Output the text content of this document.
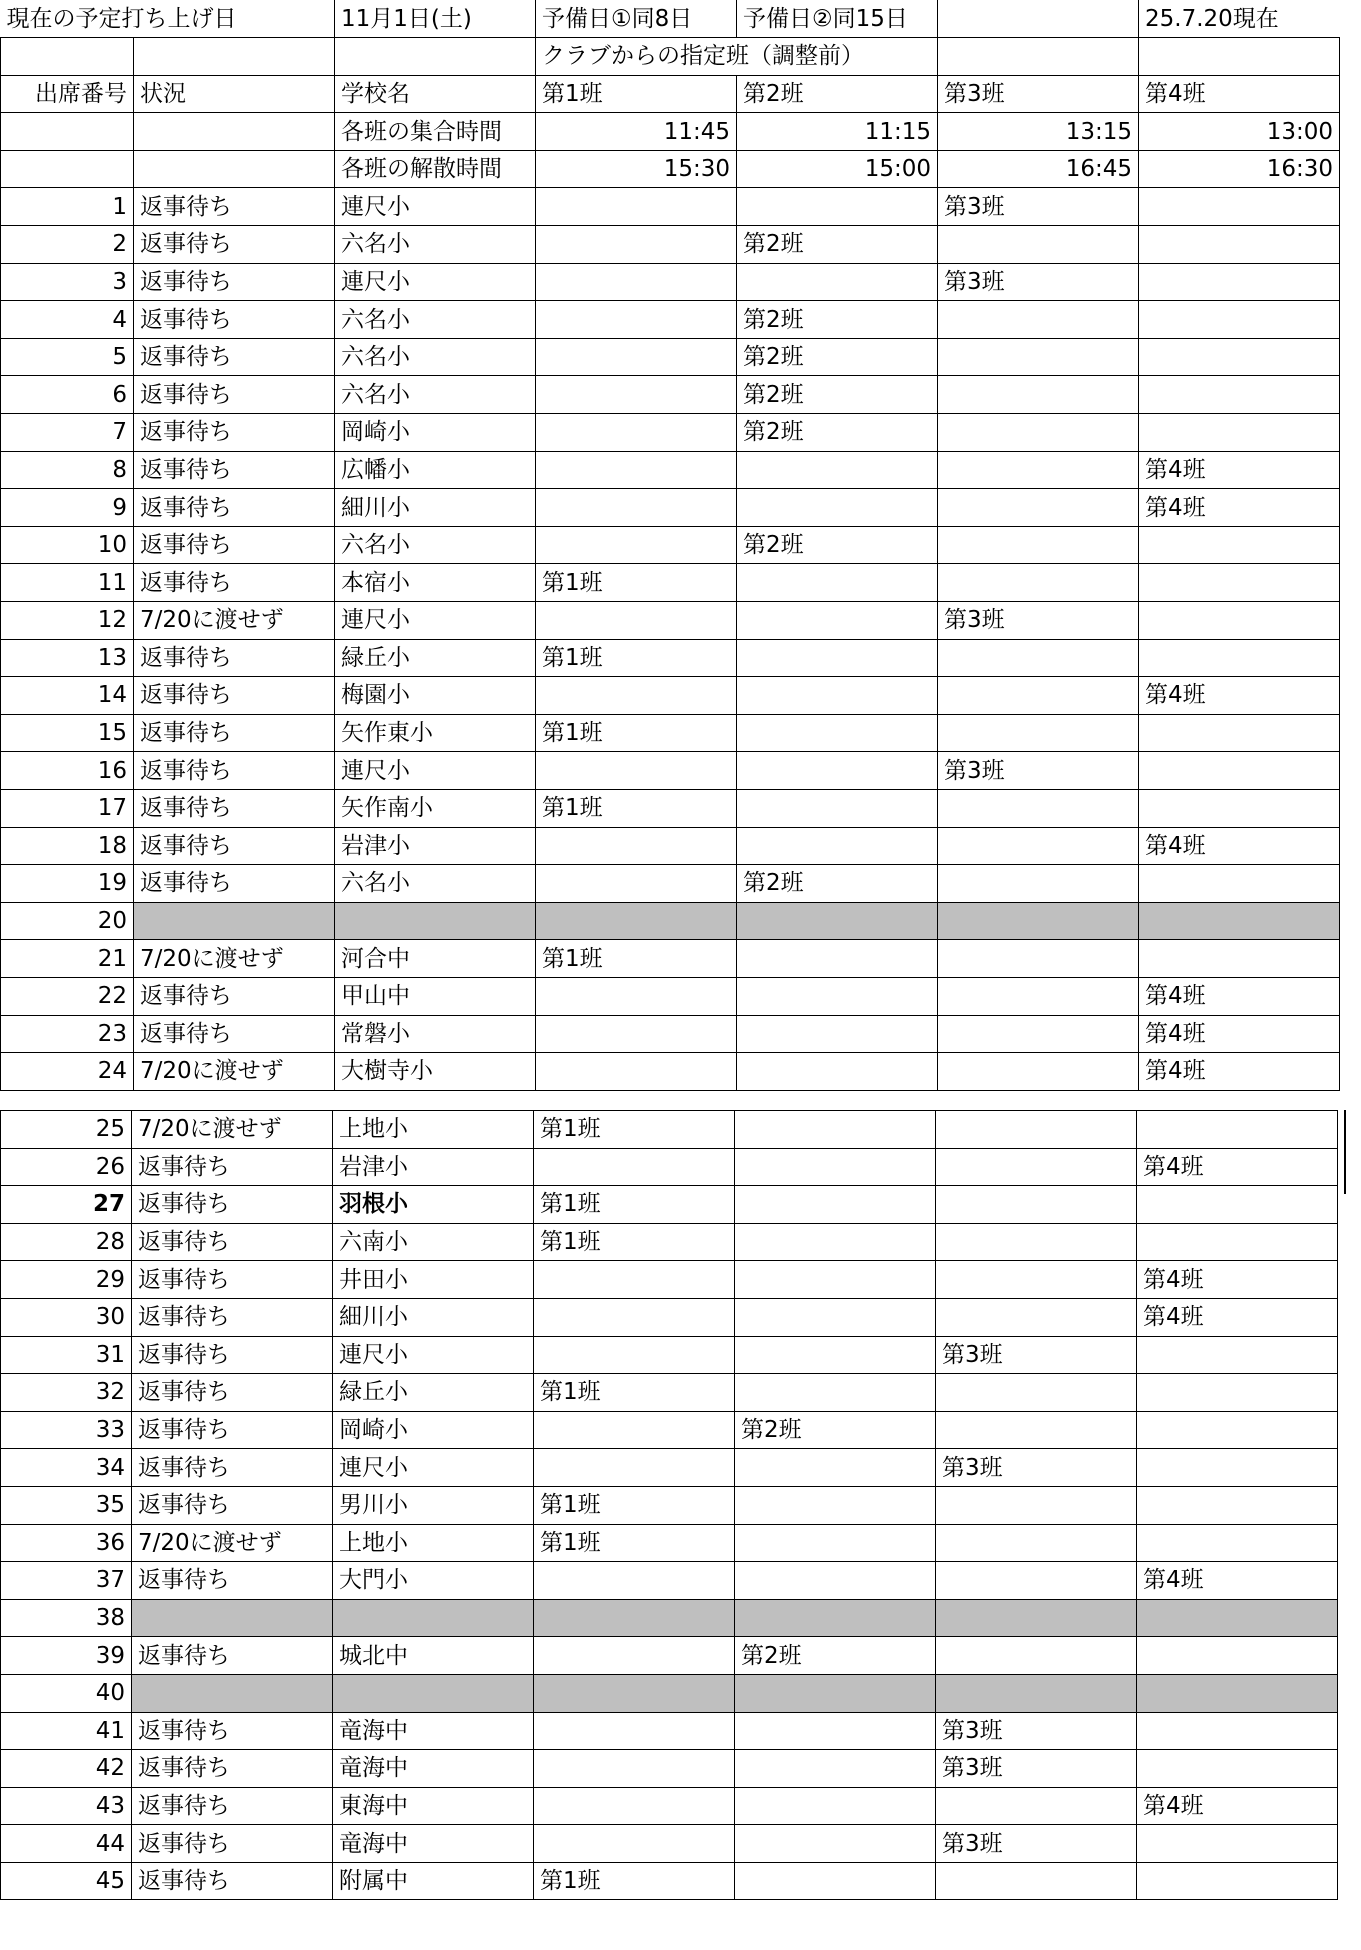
現在の予定打ち上げ日		11月1日(土)	予備日①同8日	予備日②同15日		25.7.20現在
			クラブからの指定班（調整前）			
出席番号	状況	学校名	第1班	第2班	第3班	第4班
		各班の集合時間	11:45	11:15	13:15	13:00
		各班の解散時間	15:30	15:00	16:45	16:30
1	返事待ち	連尺小			第3班	
2	返事待ち	六名小		第2班		
3	返事待ち	連尺小			第3班	
4	返事待ち	六名小		第2班		
5	返事待ち	六名小		第2班		
6	返事待ち	六名小		第2班		
7	返事待ち	岡崎小		第2班		
8	返事待ち	広幡小				第4班
9	返事待ち	細川小				第4班
10	返事待ち	六名小		第2班		
11	返事待ち	本宿小	第1班			
12	7/20に渡せず	連尺小			第3班	
13	返事待ち	緑丘小	第1班			
14	返事待ち	梅園小				第4班
15	返事待ち	矢作東小	第1班			
16	返事待ち	連尺小			第3班	
17	返事待ち	矢作南小	第1班			
18	返事待ち	岩津小				第4班
19	返事待ち	六名小		第2班		
20						
21	7/20に渡せず	河合中	第1班			
22	返事待ち	甲山中				第4班
23	返事待ち	常磐小				第4班
24	7/20に渡せず	大樹寺小				第4班
25	7/20に渡せず	上地小	第1班			
26	返事待ち	岩津小				第4班
27	返事待ち	羽根小	第1班			
28	返事待ち	六南小	第1班			
29	返事待ち	井田小				第4班
30	返事待ち	細川小				第4班
31	返事待ち	連尺小			第3班	
32	返事待ち	緑丘小	第1班			
33	返事待ち	岡崎小		第2班		
34	返事待ち	連尺小			第3班	
35	返事待ち	男川小	第1班			
36	7/20に渡せず	上地小	第1班			
37	返事待ち	大門小				第4班
38						
39	返事待ち	城北中		第2班		
40						
41	返事待ち	竜海中			第3班	
42	返事待ち	竜海中			第3班	
43	返事待ち	東海中				第4班
44	返事待ち	竜海中			第3班	
45	返事待ち	附属中	第1班			
